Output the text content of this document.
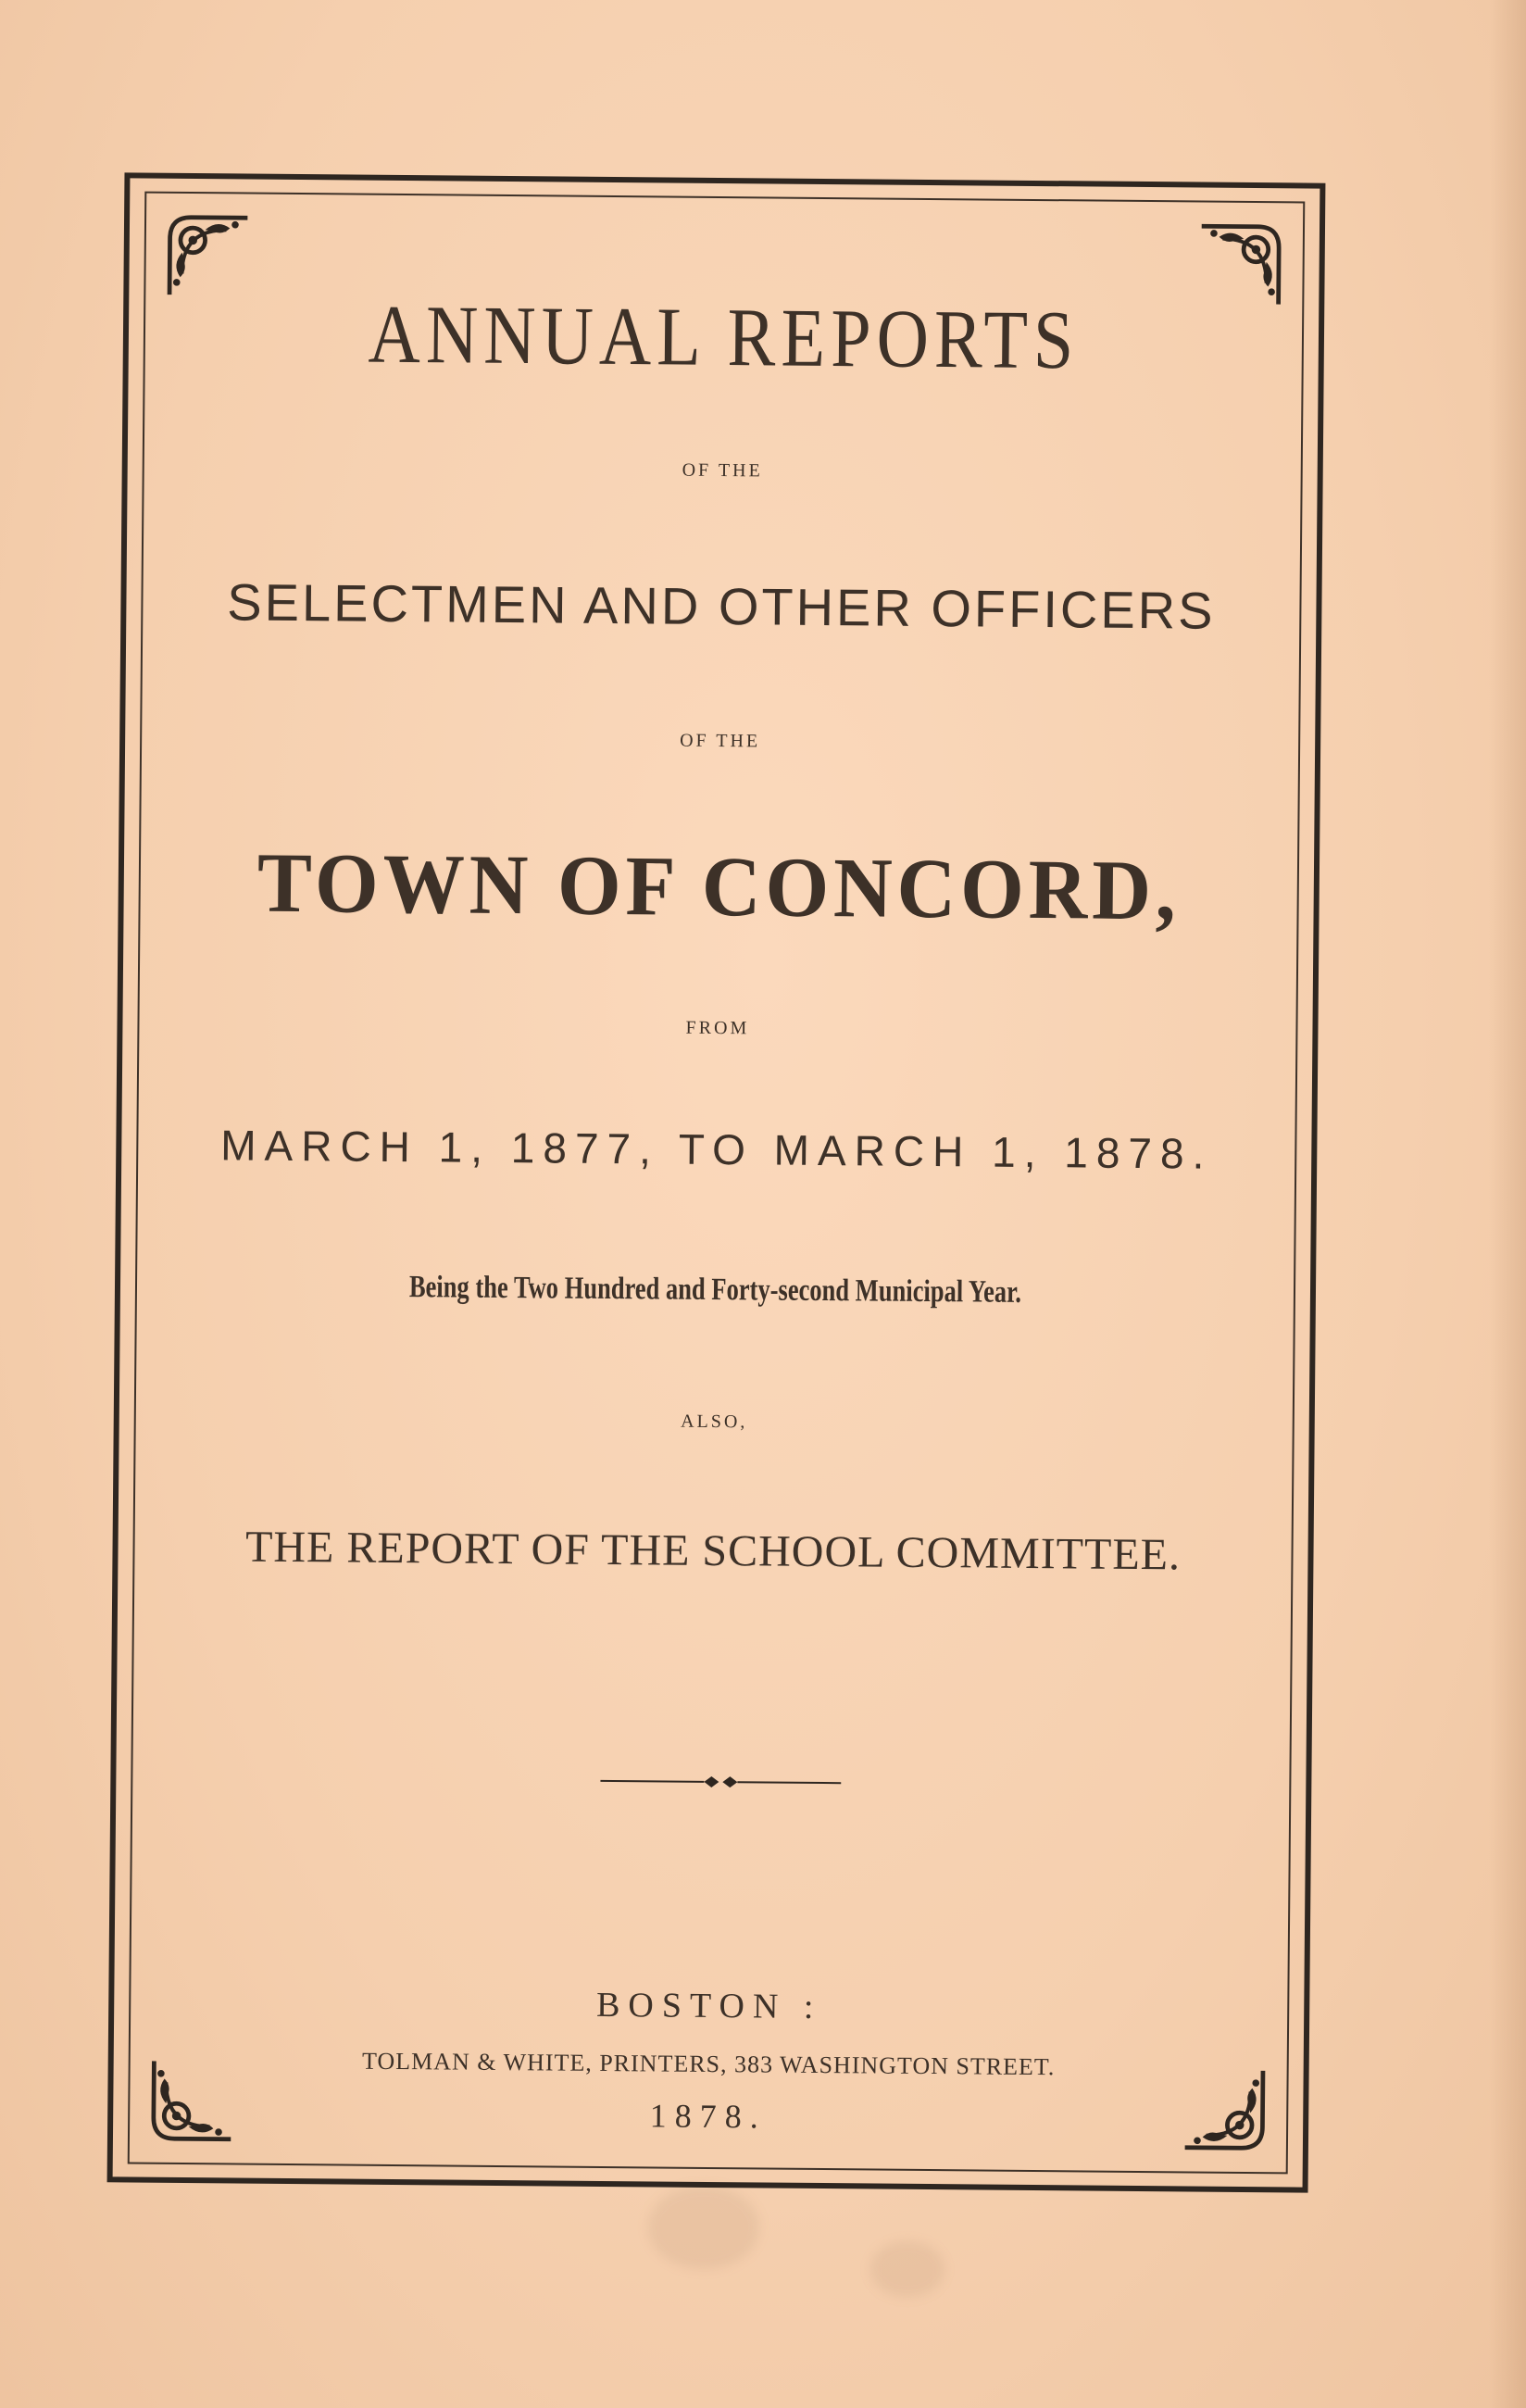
ANNUAL REPORTS
OF THE
SELECTMEN AND OTHER OFFICERS
OF THE
TOWN OF CONCORD,
FROM
MARCH 1, 1877, TO MARCH 1, 1878.
Being the Two Hundred and Forty-second Municipal Year.
ALSO,
THE REPORT OF THE SCHOOL COMMITTEE.
BOSTON :
TOLMAN & WHITE, PRINTERS, 383 WASHINGTON STREET.
1878.
